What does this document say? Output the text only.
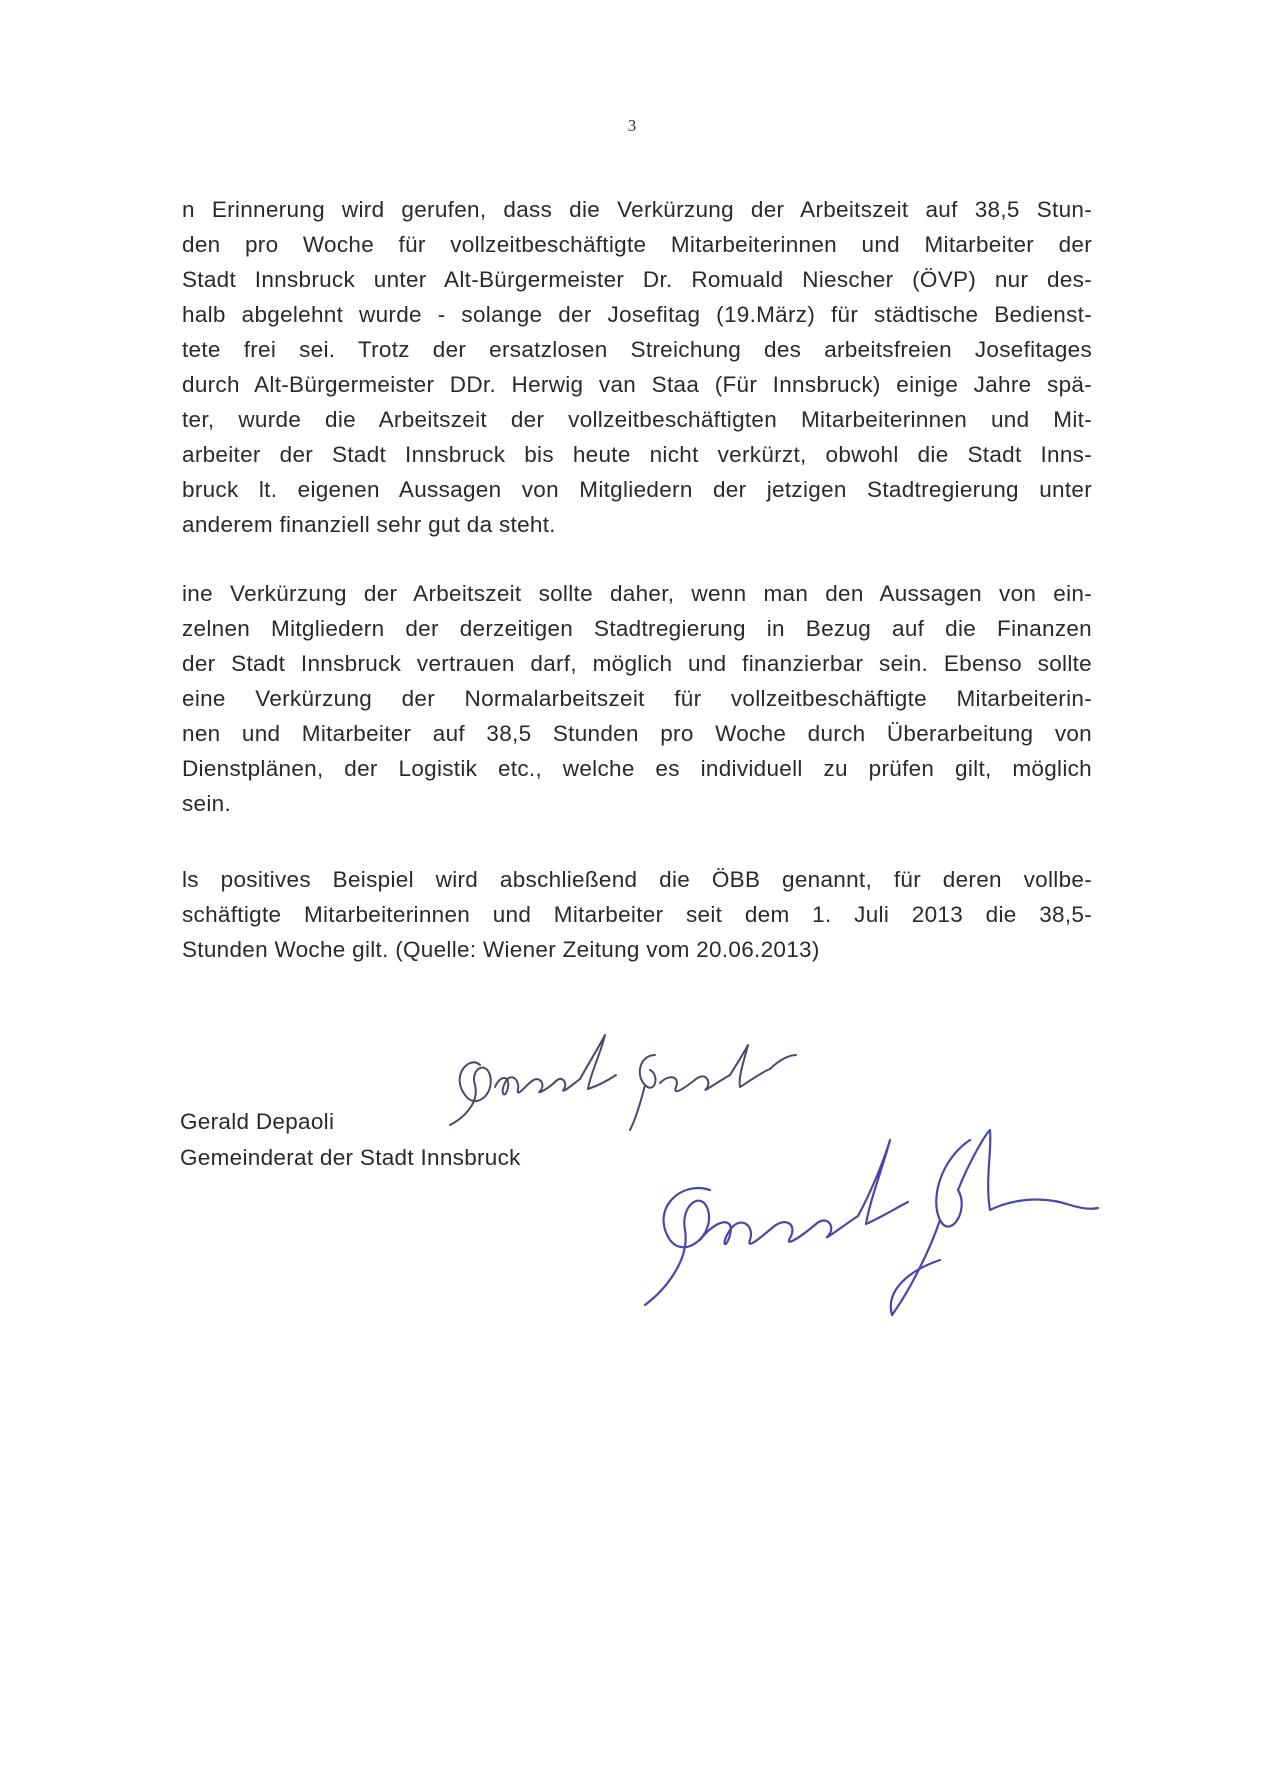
3
n Erinnerung wird gerufen, dass die Verkürzung der Arbeitszeit auf 38,5 Stun-
den pro Woche für vollzeitbeschäftigte Mitarbeiterinnen und Mitarbeiter der
Stadt Innsbruck unter Alt-Bürgermeister Dr. Romuald Niescher (ÖVP) nur des-
halb abgelehnt wurde - solange der Josefitag (19.März) für städtische Bedienst-
tete frei sei. Trotz der ersatzlosen Streichung des arbeitsfreien Josefitages
durch Alt-Bürgermeister DDr. Herwig van Staa (Für Innsbruck) einige Jahre spä-
ter, wurde die Arbeitszeit der vollzeitbeschäftigten Mitarbeiterinnen und Mit-
arbeiter der Stadt Innsbruck bis heute nicht verkürzt, obwohl die Stadt Inns-
bruck lt. eigenen Aussagen von Mitgliedern der jetzigen Stadtregierung unter
anderem finanziell sehr gut da steht.
ine Verkürzung der Arbeitszeit sollte daher, wenn man den Aussagen von ein-
zelnen Mitgliedern der derzeitigen Stadtregierung in Bezug auf die Finanzen
der Stadt Innsbruck vertrauen darf, möglich und finanzierbar sein. Ebenso sollte
eine Verkürzung der Normalarbeitszeit für vollzeitbeschäftigte Mitarbeiterin-
nen und Mitarbeiter auf 38,5 Stunden pro Woche durch Überarbeitung von
Dienstplänen, der Logistik etc., welche es individuell zu prüfen gilt, möglich
sein.
ls positives Beispiel wird abschließend die ÖBB genannt, für deren vollbe-
schäftigte Mitarbeiterinnen und Mitarbeiter seit dem 1. Juli 2013 die 38,5-
Stunden Woche gilt. (Quelle: Wiener Zeitung vom 20.06.2013)
Gerald Depaoli
Gemeinderat der Stadt Innsbruck
